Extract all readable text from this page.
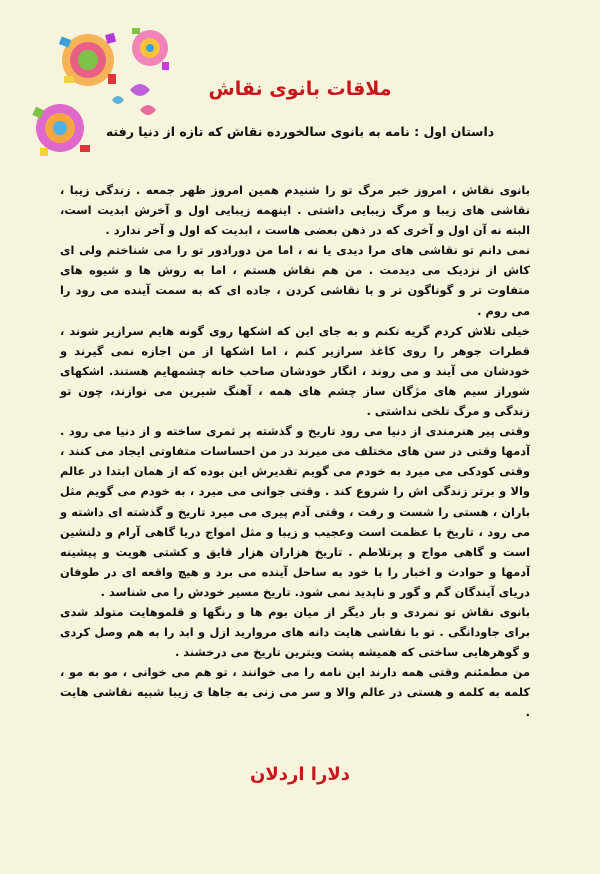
ملاقات بانوی نقاش
داستان اول : نامه به بانوی سالخورده نقاش که تازه از دنیا رفته

بانوی نقاش ، امروز خبر مرگ تو را شنیدم همین امروز ظهر جمعه . زندگی زیبا ، نقاشی های زیبا و مرگ زیبایی داشتی . اینهمه زیبایی اول و آخرش ابدیت است، البته نه آن اول و آخری که در ذهن بعضی هاست ، ابدیت که اول و آخر ندارد .

نمی دانم تو نقاشی های مرا دیدی یا نه ، اما من دورادور تو را می شناختم ولی ای کاش از نزدیک می دیدمت . من هم نقاش هستم ، اما به روش ها و شیوه های متفاوت تر و گوناگون تر و با نقاشی کردن ، جاده ای که به سمت آینده می رود را می روم .

خیلی تلاش کردم گریه نکنم و به جای این که اشکها روی گونه هایم سرازیر شوند ، قطرات جوهر را روی کاغذ سرازیر کنم ، اما اشکها از من اجازه نمی گیرند و خودشان می آیند و می روند ، انگار خودشان صاحب خانه چشمهایم هستند. اشکهای شوراز سیم های مژگان ساز چشم های همه ، آهنگ شیرین می نوازند، چون تو زندگی و مرگ تلخی نداشتی .

وقتی پیر هنرمندی از دنیا می رود تاریخ و گذشته پر ثمری ساخته و از دنیا می رود . آدمها وقتی در سن های مختلف می میرند در من احساسات متفاوتی ایجاد می کنند ، وقتی کودکی می میرد به خودم می گویم تقدیرش این بوده که از همان ابتدا در عالم والا و برتر زندگی اش را شروع کند . وقتی جوانی می میرد ، به خودم می گویم مثل باران ، هستی را شست و رفت ، وقتی آدم پیری می میرد تاریخ و گذشته ای داشته و می رود ، تاریخ با عظمت است وعجیب و زیبا و مثل امواج دریا گاهی آرام و دلنشین است و گاهی مواج و پرتلاطم . تاریخ هزاران هزار قایق و کشتی هویت و پیشینه آدمها و حوادث و اخبار را با خود به ساحل آینده می برد و هیچ واقعه ای در طوفان دریای آیندگان گم و گور و ناپدید نمی شود. تاریخ مسیر خودش را می شناسد .

بانوی نقاش تو نمردی و بار دیگر از میان بوم ها و رنگها و قلموهایت متولد شدی برای جاودانگی . تو با نقاشی هایت دانه های مروارید ازل و ابد را به هم وصل کردی و گوهرهایی ساختی که همیشه پشت ویترین تاریخ می درخشند .

من مطمئنم وقتی همه دارند این نامه را می خوانند ، تو هم می خوانی ، مو به مو ، کلمه به کلمه و هستی در عالم والا و سر می زنی به جاها ی زیبا شبیه نقاشی هایت .

دلارا اردلان
